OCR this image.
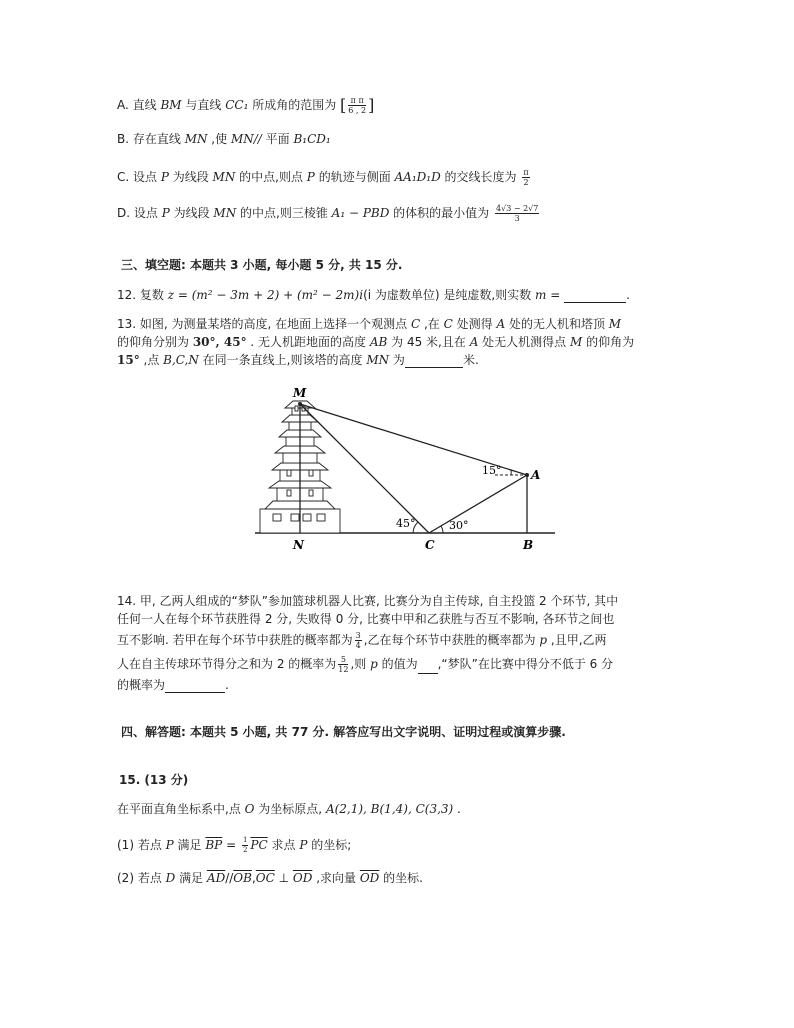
A. 直线 BM 与直线 CC₁ 所成角的范围为 [ $\frac{\text{π π}}{6 , 2}$ ]
B. 存在直线 MN ,使 MN// 平面 B₁CD₁
C. 设点 P 为线段 MN 的中点,则点 P 的轨迹与侧面 AA₁D₁D 的交线长度为 $\frac{\pi}{2}$
D. 设点 P 为线段 MN 的中点,则三棱锥 A₁ − PBD 的体积的最小值为 $\frac{4√3 - 2√7}{3}$
三、填空题: 本题共 3 小题, 每小题 5 分, 共 15 分.
12. 复数 z = (m² − 3m + 2) + (m² − 2m)i(i 为虚数单位) 是纯虚数,则实数 m =	.
13. 如图, 为测量某塔的高度, 在地面上选择一个观测点 C ,在 C 处测得 A 处的无人机和塔顶 M
的仰角分别为 30°, 45° . 无人机距地面的高度 AB 为 45 米,且在 A 处无人机测得点 M 的仰角为
15° ,点 B,C,N 在同一条直线上,则该塔的高度 MN 为	米.
M
N	C
A
B
15°
45°	30°
14. 甲, 乙两人组成的“梦队”参加篮球机器人比赛, 比赛分为自主传球, 自主投篮 2 个环节, 其中
任何一人在每个环节获胜得 2 分, 失败得 0 分, 比赛中甲和乙获胜与否互不影响, 各环节之间也
互不影响. 若甲在每个环节中获胜的概率都为 $\frac{3}{4}$ ,乙在每个环节中获胜的概率都为 p ,且甲,乙两
人在自主传球环节得分之和为 2 的概率为 $\frac{5}{12}$ ,则 p 的值为 ,“梦队”在比赛中得分不低于 6 分
的概率为	.
四、解答题: 本题共 5 小题, 共 77 分. 解答应写出文字说明、证明过程或演算步骤.
15. (13 分)
在平面直角坐标系中,点 O 为坐标原点, A(2,1), B(1,4), C(3,3) .
(1) 若点 P 满足 $\overline{BP} = \frac{1}{2} \overline{PC}$ 求点 P 的坐标;
(2) 若点 D 满足 $\overline{AD}//\overline{OB},\overline{OC}$ ⊥ $\overline{OD}$ ,求向量 $\overline{OD}$ 的坐标.
